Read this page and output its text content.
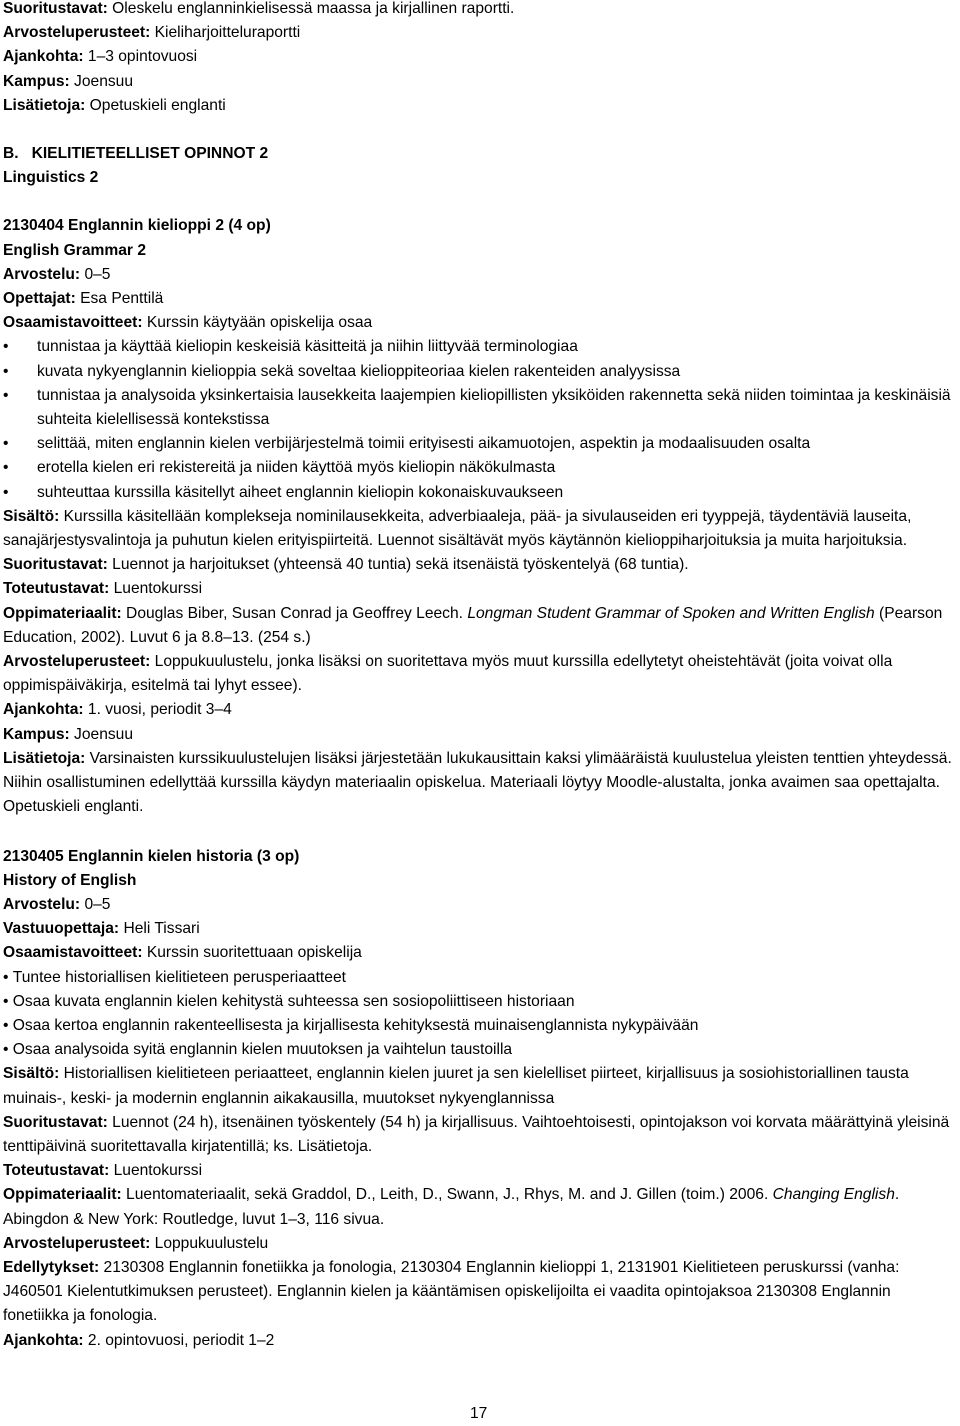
Suoritustavat: Oleskelu englanninkielisessä maassa ja kirjallinen raportti.
Arvosteluperusteet: Kieliharjoitteluraportti
Ajankohta: 1–3 opintovuosi
Kampus: Joensuu
Lisätietoja: Opetuskieli englanti
B.   KIELITIETEELLISET OPINNOT 2
Linguistics 2
2130404 Englannin kielioppi 2 (4 op)
English Grammar 2
Arvostelu: 0–5
Opettajat: Esa Penttilä
Osaamistavoitteet: Kurssin käytyään opiskelija osaa
• tunnistaa ja käyttää kieliopin keskeisiä käsitteitä ja niihin liittyvää terminologiaa
• kuvata nykyenglannin kielioppia sekä soveltaa kielioppiteoriaa kielen rakenteiden analyysissa
• tunnistaa ja analysoida yksinkertaisia lausekkeita laajempien kieliopillisten yksiköiden rakennetta sekä niiden toimintaa ja keskinäisiä suhteita kielellisessä kontekstissa
• selittää, miten englannin kielen verbijärjestelmä toimii erityisesti aikamuotojen, aspektin ja modaalisuuden osalta
• erotella kielen eri rekistereitä ja niiden käyttöä myös kieliopin näkökulmasta
• suhteuttaa kurssilla käsitellyt aiheet englannin kieliopin kokonaiskuvaukseen
Sisältö: Kurssilla käsitellään komplekseja nominilausekkeita, adverbiaaleja, pää- ja sivulauseiden eri tyyppejä, täydentäviä lauseita, sanajärjestysvalintoja ja puhutun kielen erityispiirteitä. Luennot sisältävät myös käytännön kielioppiharjoituksia ja muita harjoituksia.
Suoritustavat: Luennot ja harjoitukset (yhteensä 40 tuntia) sekä itsenäistä työskentelyä (68 tuntia).
Toteutustavat: Luentokurssi
Oppimateriaalit: Douglas Biber, Susan Conrad ja Geoffrey Leech. Longman Student Grammar of Spoken and Written English (Pearson Education, 2002). Luvut 6 ja 8.8–13. (254 s.)
Arvosteluperusteet: Loppukuulustelu, jonka lisäksi on suoritettava myös muut kurssilla edellytetyt oheistehtävät (joita voivat olla oppimispäiväkirja, esitelmä tai lyhyt essee).
Ajankohta: 1. vuosi, periodit 3–4
Kampus: Joensuu
Lisätietoja: Varsinaisten kurssikuulustelujen lisäksi järjestetään lukukausittain kaksi ylimääräistä kuulustelua yleisten tenttien yhteydessä. Niihin osallistuminen edellyttää kurssilla käydyn materiaalin opiskelua. Materiaali löytyy Moodle-alustalta, jonka avaimen saa opettajalta. Opetuskieli englanti.
2130405 Englannin kielen historia (3 op)
History of English
Arvostelu: 0–5
Vastuuopettaja: Heli Tissari
Osaamistavoitteet: Kurssin suoritettuaan opiskelija
• Tuntee historiallisen kielitieteen perusperiaatteet
• Osaa kuvata englannin kielen kehitystä suhteessa sen sosiopoliittiseen historiaan
• Osaa kertoa englannin rakenteellisesta ja kirjallisesta kehityksestä muinaisenglannista nykypäivään
• Osaa analysoida syitä englannin kielen muutoksen ja vaihtelun taustoilla
Sisältö: Historiallisen kielitieteen periaatteet, englannin kielen juuret ja sen kielelliset piirteet, kirjallisuus ja sosiohistoriallinen tausta muinais-, keski- ja modernin englannin aikakausilla, muutokset nykyenglannissa
Suoritustavat: Luennot (24 h), itsenäinen työskentely (54 h) ja kirjallisuus. Vaihtoehtoisesti, opintojakson voi korvata määrättyinä yleisinä tenttipäivinä suoritettavalla kirjatentillä; ks. Lisätietoja.
Toteutustavat: Luentokurssi
Oppimateriaalit: Luentomateriaalit, sekä Graddol, D., Leith, D., Swann, J., Rhys, M. and J. Gillen (toim.) 2006. Changing English. Abingdon & New York: Routledge, luvut 1–3, 116 sivua.
Arvosteluperusteet: Loppukuulustelu
Edellytykset: 2130308 Englannin fonetiikka ja fonologia, 2130304 Englannin kielioppi 1, 2131901 Kielitieteen peruskurssi (vanha: J460501 Kielentutkimuksen perusteet). Englannin kielen ja kääntämisen opiskelijoilta ei vaadita opintojaksoa 2130308 Englannin fonetiikka ja fonologia.
Ajankohta: 2. opintovuosi, periodit 1–2
17
